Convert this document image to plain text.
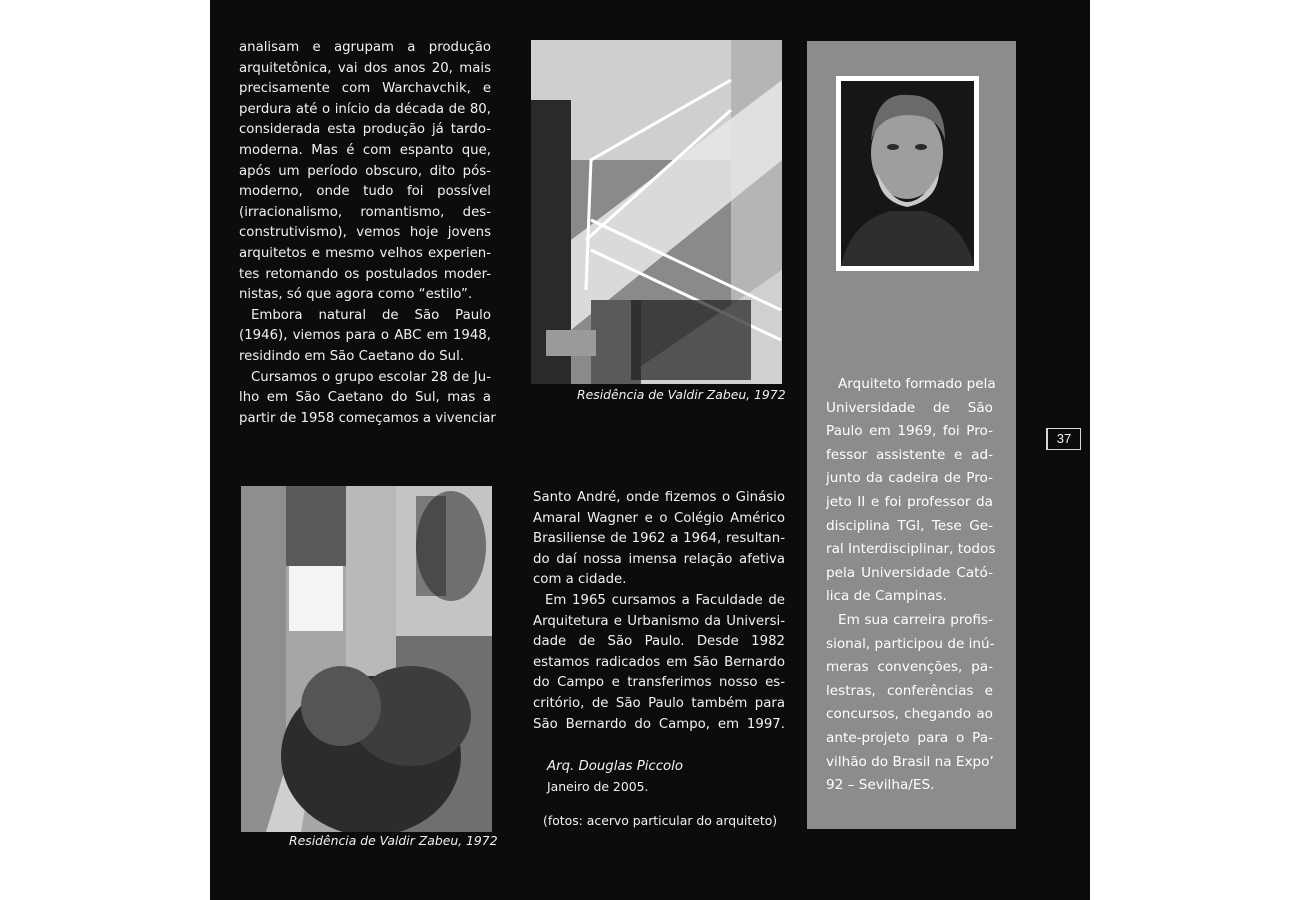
analisam e agrupam a produção
arquitetônica, vai dos anos 20, mais
precisamente com Warchavchik, e
perdura até o início da década de 80,
considerada esta produção já tardo-
moderna. Mas é com espanto que,
após um período obscuro, dito pós-
moderno, onde tudo foi possível
(irracionalismo, romantismo, des-
construtivismo), vemos hoje jovens
arquitetos e mesmo velhos experien-
tes retomando os postulados moder-
nistas, só que agora como “estilo”.
Embora natural de São Paulo
(1946), viemos para o ABC em 1948,
residindo em São Caetano do Sul.
Cursamos o grupo escolar 28 de Ju-
lho em São Caetano do Sul, mas a
partir de 1958 começamos a vivenciar
Residência de Valdir Zabeu, 1972
Residência de Valdir Zabeu, 1972
Santo André, onde fizemos o Ginásio
Amaral Wagner e o Colégio Américo
Brasiliense de 1962 a 1964, resultan-
do daí nossa imensa relação afetiva
com a cidade.
Em 1965 cursamos a Faculdade de
Arquitetura e Urbanismo da Universi-
dade de São Paulo. Desde 1982
estamos radicados em São Bernardo
do Campo e transferimos nosso es-
critório, de São Paulo também para
São Bernardo do Campo, em 1997.
Arq. Douglas Piccolo
Janeiro de 2005.
(fotos: acervo particular do arquiteto)
Arquiteto formado pela
Universidade de São
Paulo em 1969, foi Pro-
fessor assistente e ad-
junto da cadeira de Pro-
jeto II e foi professor da
disciplina TGI, Tese Ge-
ral Interdisciplinar, todos
pela Universidade Cató-
lica de Campinas.
Em sua carreira profis-
sional, participou de inú-
meras convenções, pa-
lestras, conferências e
concursos, chegando ao
ante-projeto para o Pa-
vilhão do Brasil na Expo’
92 – Sevilha/ES.
37
